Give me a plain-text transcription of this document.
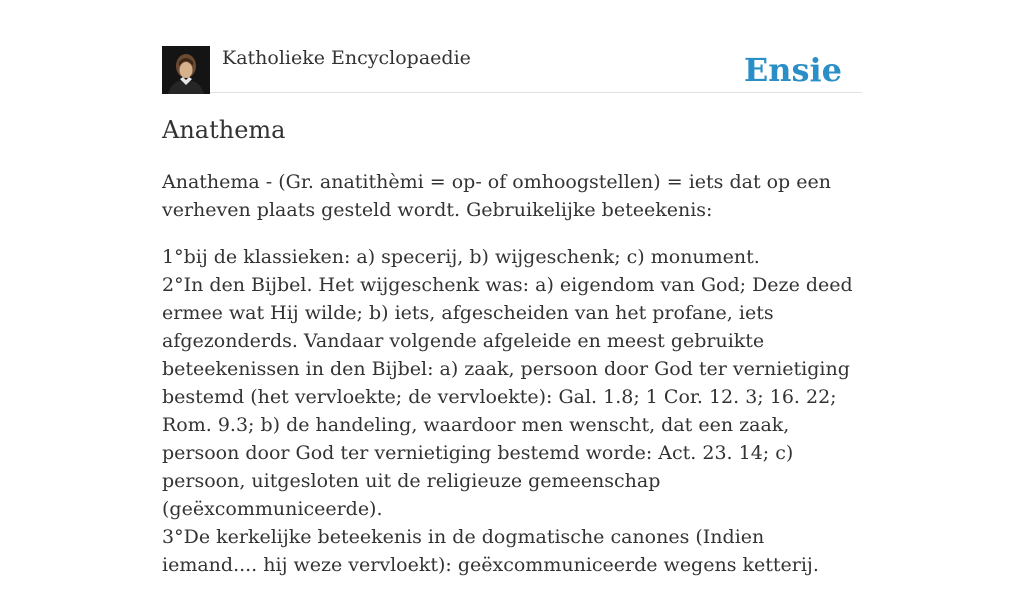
Katholieke Encyclopaedie	Ensie
Anathema

Anathema - (Gr. anatithèmi = op- of omhoogstellen) = iets dat op een verheven plaats gesteld wordt. Gebruikelijke beteekenis:

1°bij de klassieken: a) specerij, b) wijgeschenk; c) monument.
2°In den Bijbel. Het wijgeschenk was: a) eigendom van God; Deze deed ermee wat Hij wilde; b) iets, afgescheiden van het profane, iets afgezonderds. Vandaar volgende afgeleide en meest gebruikte beteekenissen in den Bijbel: a) zaak, persoon door God ter vernietiging bestemd (het vervloekte; de vervloekte): Gal. 1.8; 1 Cor. 12. 3; 16. 22; Rom. 9.3; b) de handeling, waardoor men wenscht, dat een zaak, persoon door God ter vernietiging bestemd worde: Act. 23. 14; c) persoon, uitgesloten uit de religieuze gemeenschap (geëxcommuniceerde).
3°De kerkelijke beteekenis in de dogmatische canones (Indien iemand.... hij weze vervloekt): geëxcommuniceerde wegens ketterij.
